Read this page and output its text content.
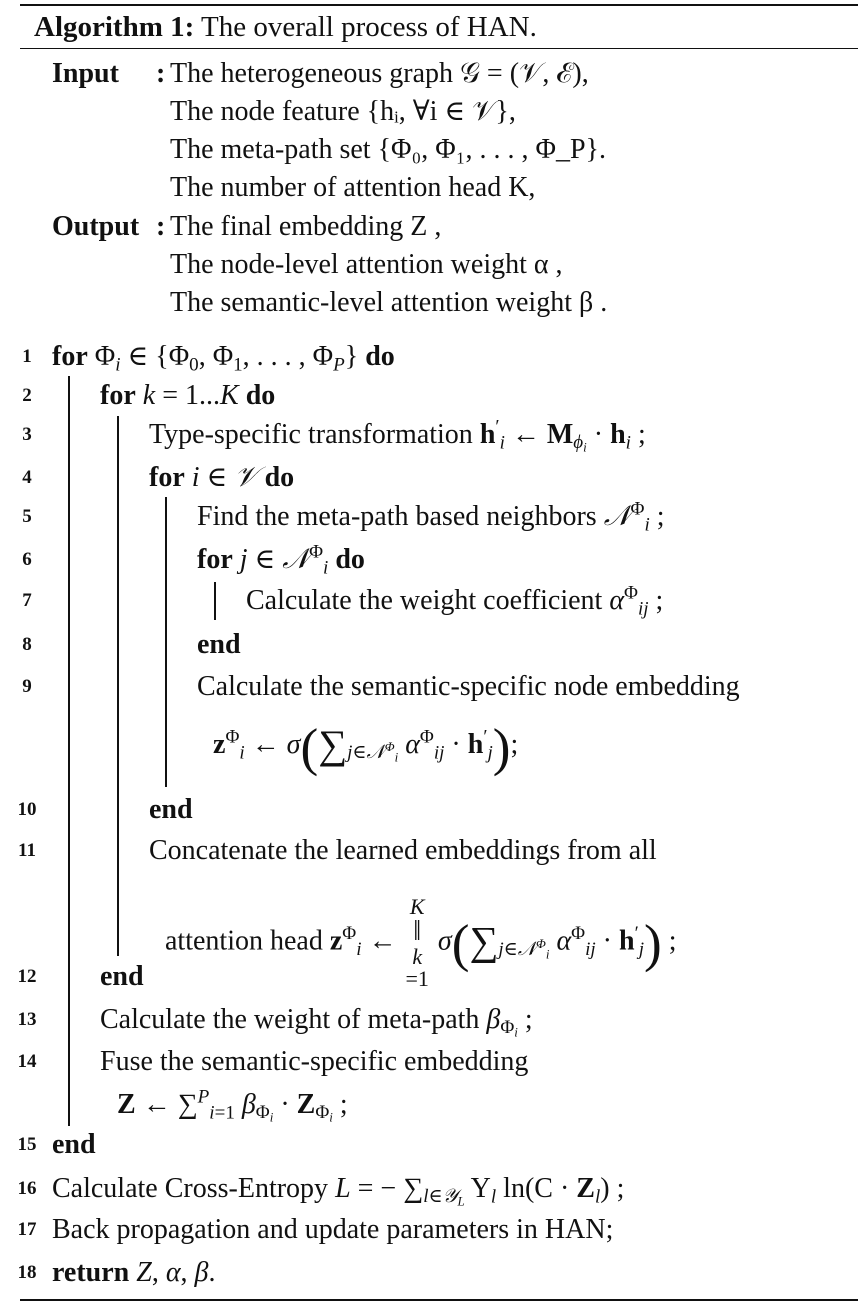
Algorithm 1: The overall process of HAN.
Input : The heterogeneous graph 𝒢 = (𝒱, ℰ),
The node feature {hᵢ, ∀i ∈ 𝒱},
The meta-path set {Φ₀, Φ₁, . . . , Φ_P}.
The number of attention head K,
Output : The final embedding Z ,
The node-level attention weight α ,
The semantic-level attention weight β .
1
2
3
4
5
6
7
8
9
10
11
12
13
14
15
16
17
18
for $\Phi_i$ ∈ {$\Phi_0$, $\Phi_1$, . . . , $\Phi_P$} do
for k = 1...K do
Type-specific transformation $h'_i$ ← $M_{\phi_i} \cdot h_i$ ;
for i ∈ 𝒱 do
Find the meta-path based neighbors 𝒩$^\Phi_i$ ;
for j ∈ 𝒩$^\Phi_i$ do
Calculate the weight coefficient $\alpha^\Phi_{ij}$ ;
end
Calculate the semantic-specific node embedding
$z^\Phi_i$ ← $\sigma(\sum_{j\in 𝒩^\Phi_i}$ $\alpha^\Phi_{ij} \cdot h'_j$);
end
Concatenate the learned embeddings from all
attention head $z^\Phi_i$ ←
K
‖
k
=1
$\sigma(\sum_{j\in 𝒩^\Phi_i}$ $\alpha^\Phi_{ij} \cdot h'_j$) ;
end
Calculate the weight of meta-path $\beta_{\Phi_i}$ ;
Fuse the semantic-specific embedding
Z ← ∑$^P_{i=1}$ $\beta_{\Phi_i} \cdot Z_{\Phi_i}$ ;
end
Calculate Cross-Entropy L = − $\sum_{l\in 𝒴_L}$ $Y_l$ $\ln(C \cdot Z_l)$ ;
Back propagation and update parameters in HAN;
return Z, α, β.
